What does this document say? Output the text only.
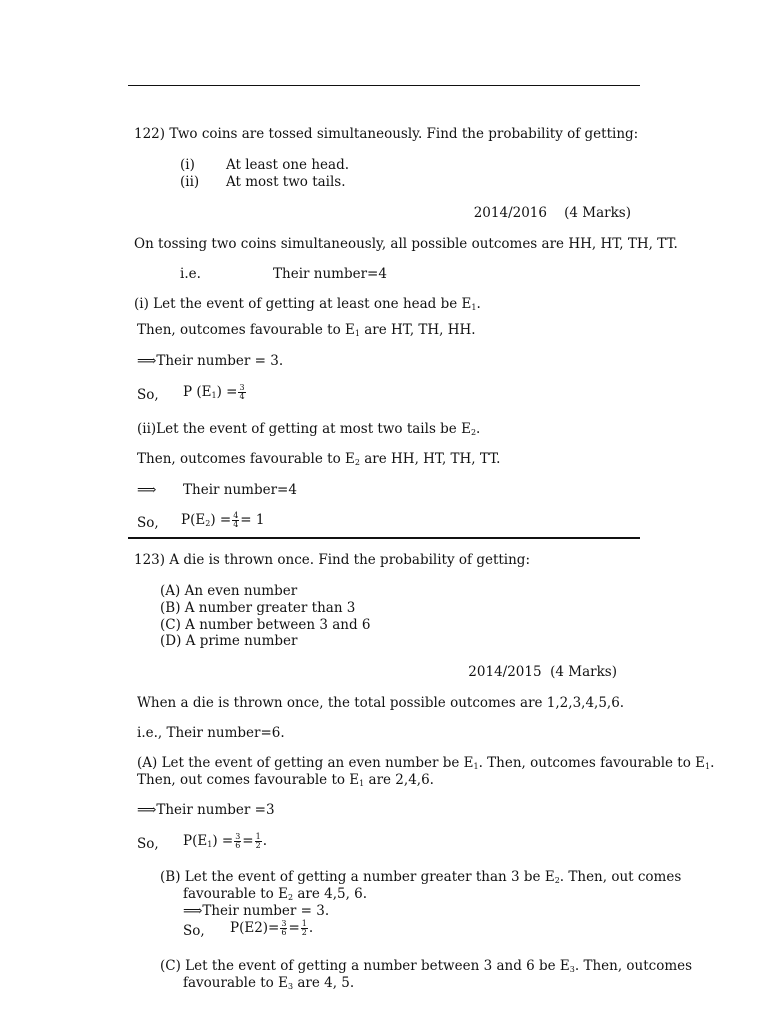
122) Two coins are tossed simultaneously. Find the probability of getting:
(i) At least one head.
(ii) At most two tails.
2014/2016    (4 Marks)
On tossing two coins simultaneously, all possible outcomes are HH, HT, TH, TT.
i.e.	Their number=4
(i) Let the event of getting at least one head be $E_1$.
Then, outcomes favourable to $E_1$ are HT, TH, HH.
⟹Their number = 3.
So, P $(E_1) = \frac{3}{4}$
(ii)Let the event of getting at most two tails be $E_2$.
Then, outcomes favourable to $E_2$ are HH, HT, TH, TT.
⟹ Their number=4
So, $P(E_2) = \frac{4}{4} = 1$
123) A die is thrown once. Find the probability of getting:
(A) An even number
(B) A number greater than 3
(C) A number between 3 and 6
(D) A prime number
2014/2015  (4 Marks)
When a die is thrown once, the total possible outcomes are 1,2,3,4,5,6.
i.e., Their number=6.
(A) Let the event of getting an even number be $E_1$. Then, outcomes favourable to $E_1$.
Then, out comes favourable to $E_1$ are 2,4,6.
⟹Their number =3
So, $P(E_1) = \frac{3}{6} = \frac{1}{2}$ .
(B) Let the event of getting a number greater than 3 be $E_2$. Then, out comes
favourable to $E_2$ are 4,5, 6.
⟹Their number = 3.
So, $P(E2)= \frac{3}{6} = \frac{1}{2}$ .
(C) Let the event of getting a number between 3 and 6 be $E_3$. Then, outcomes
favourable to $E_3$ are 4, 5.
